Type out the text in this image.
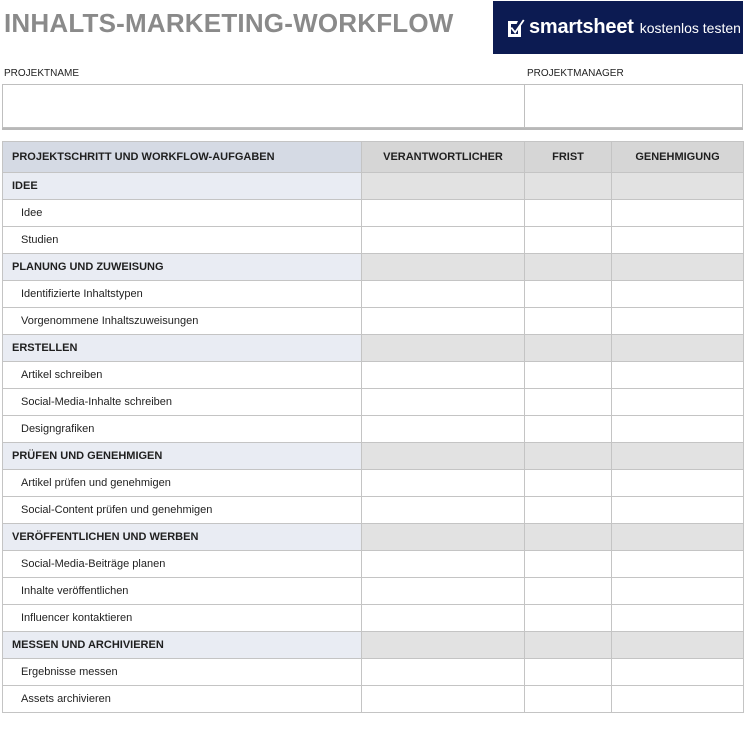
INHALTS-MARKETING-WORKFLOW	smartsheet kostenlos testen
PROJEKTNAME	PROJEKTMANAGER
PROJEKTSCHRITT UND WORKFLOW-AUFGABEN	VERANTWORTLICHER	FRIST	GENEHMIGUNG
IDEE			
Idee			
Studien			
PLANUNG UND ZUWEISUNG			
Identifizierte Inhaltstypen			
Vorgenommene Inhaltszuweisungen			
ERSTELLEN			
Artikel schreiben			
Social-Media-Inhalte schreiben			
Designgrafiken			
PRÜFEN UND GENEHMIGEN			
Artikel prüfen und genehmigen			
Social-Content prüfen und genehmigen			
VERÖFFENTLICHEN UND WERBEN			
Social-Media-Beiträge planen			
Inhalte veröffentlichen			
Influencer kontaktieren			
MESSEN UND ARCHIVIEREN			
Ergebnisse messen			
Assets archivieren			
